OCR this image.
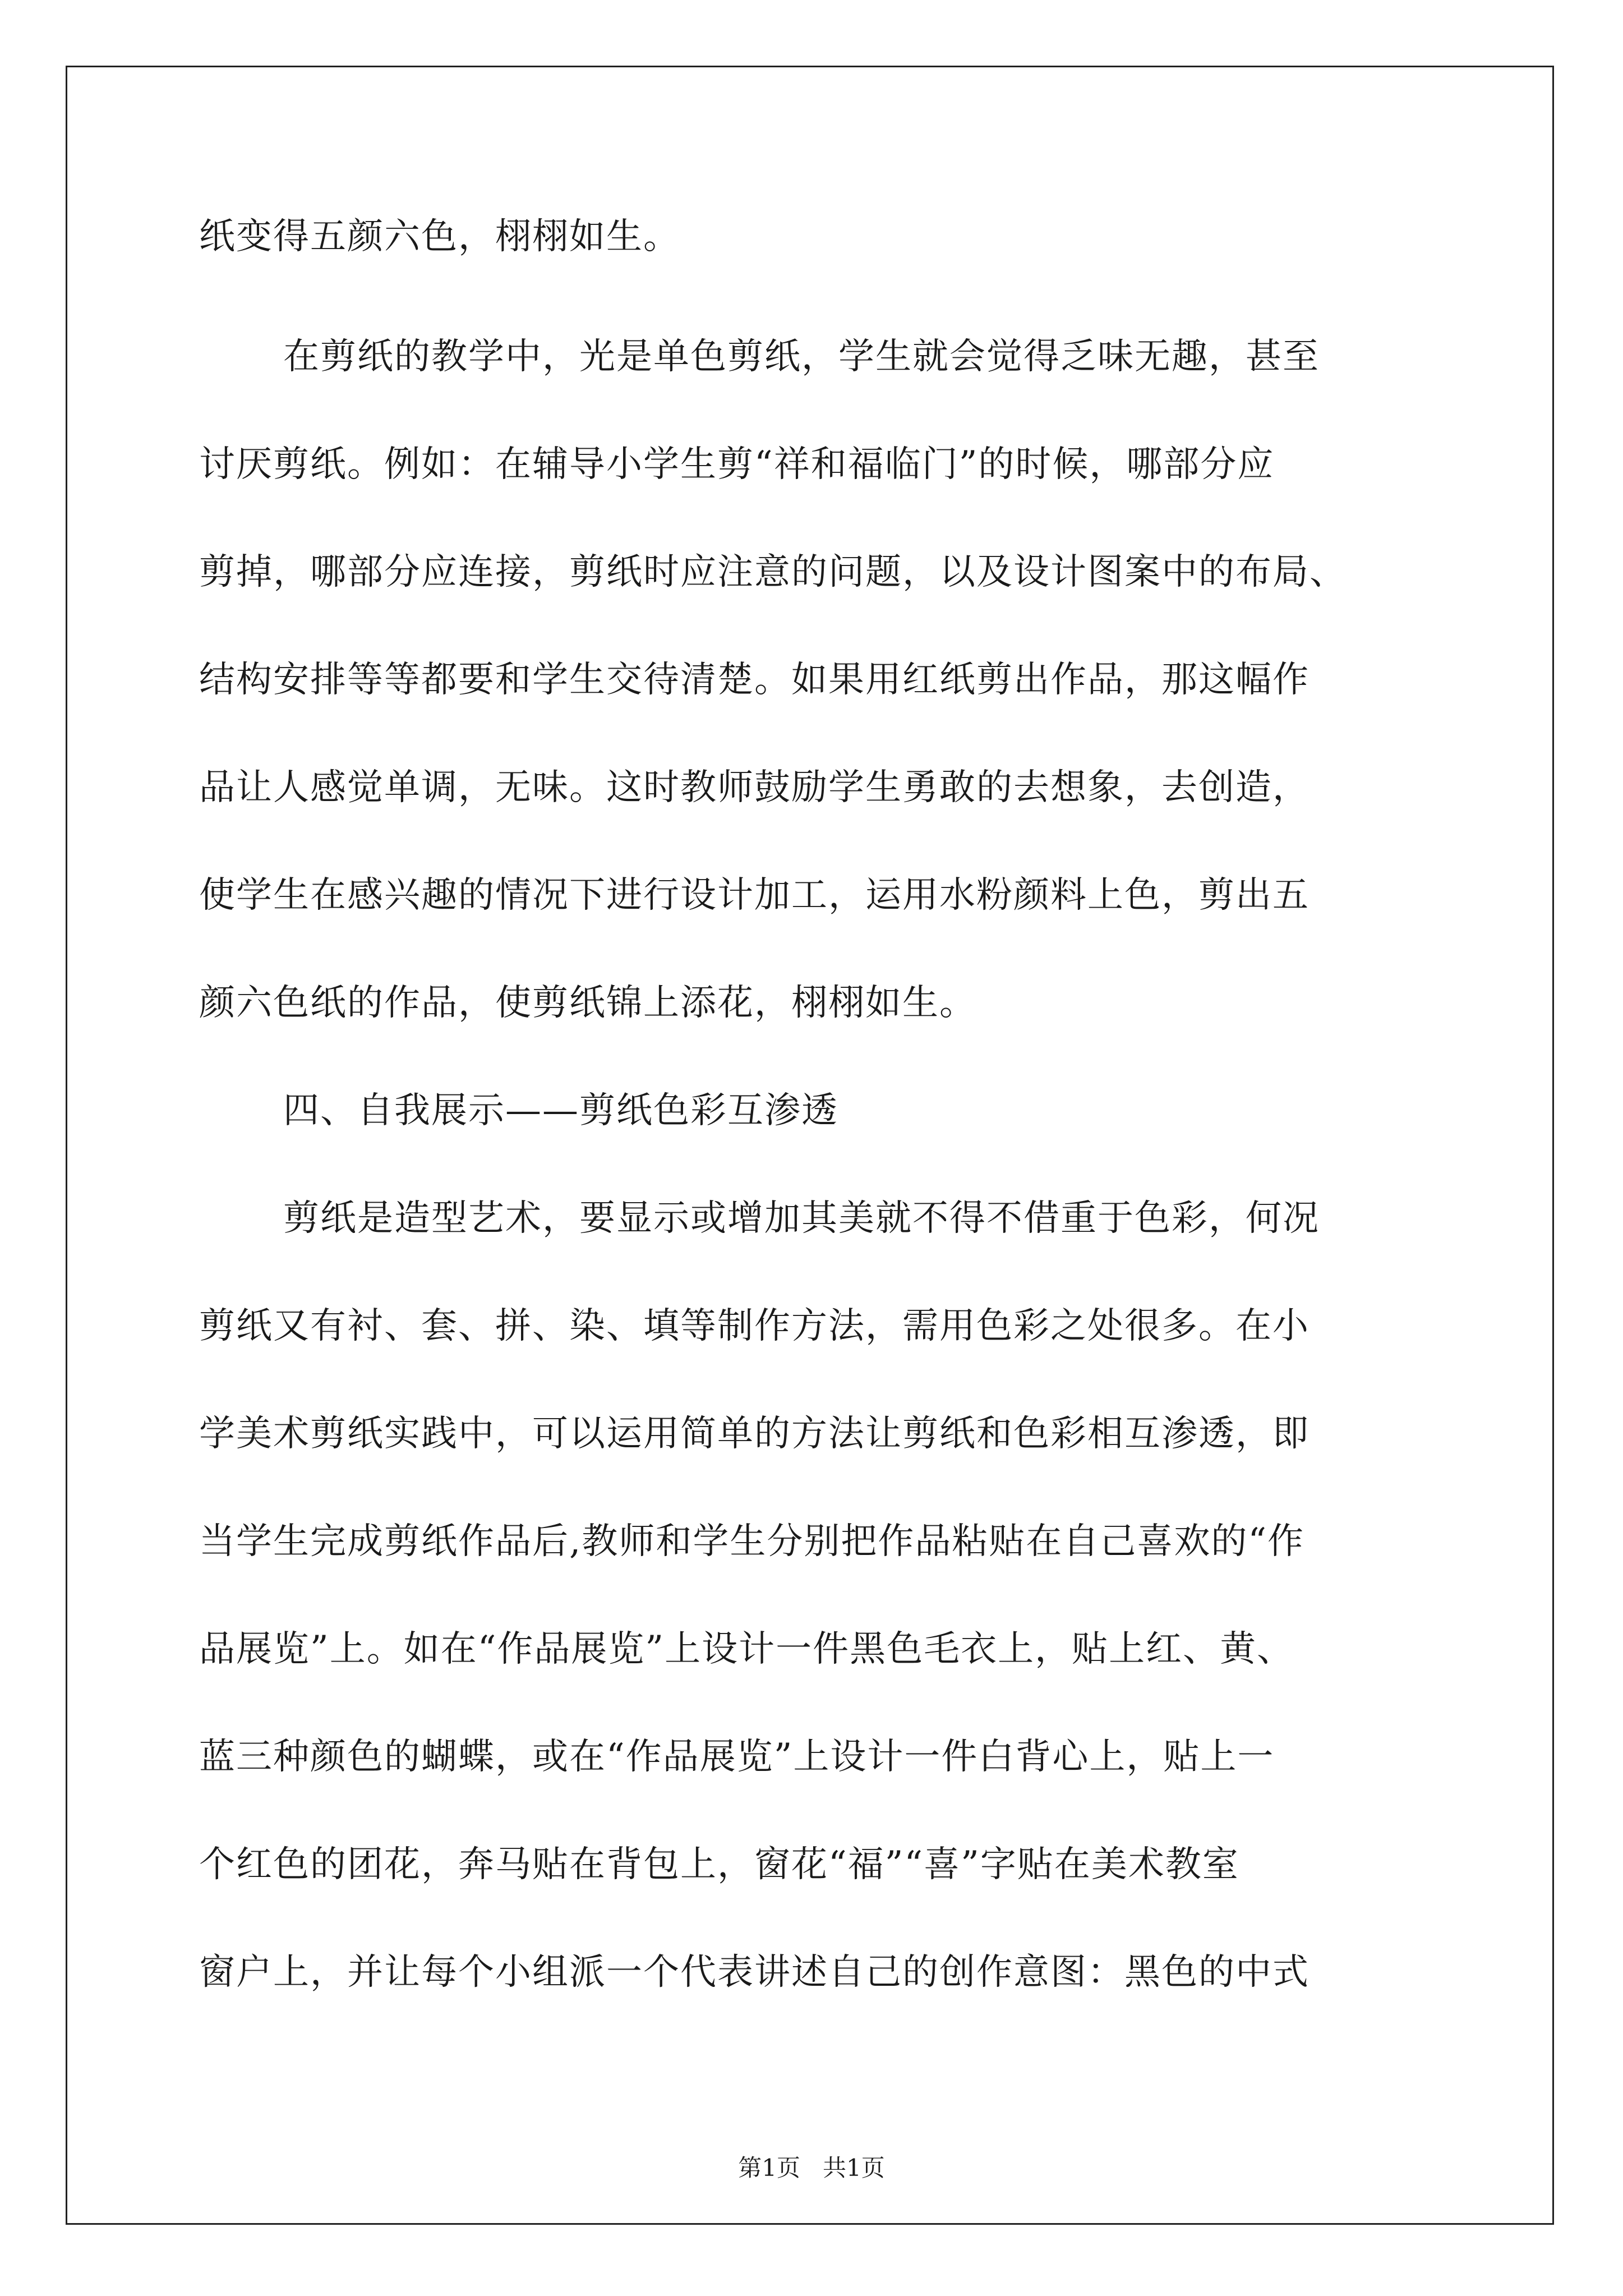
纸变得五颜六色，栩栩如生。
在剪纸的教学中，光是单色剪纸，学生就会觉得乏味无趣，甚至
讨厌剪纸。例如：在辅导小学生剪“祥和福临门”的时候，哪部分应
剪掉，哪部分应连接，剪纸时应注意的问题，以及设计图案中的布局、
结构安排等等都要和学生交待清楚。如果用红纸剪出作品，那这幅作
品让人感觉单调，无味。这时教师鼓励学生勇敢的去想象，去创造，
使学生在感兴趣的情况下进行设计加工，运用水粉颜料上色，剪出五
颜六色纸的作品，使剪纸锦上添花，栩栩如生。
四、自我展示——剪纸色彩互渗透
剪纸是造型艺术，要显示或增加其美就不得不借重于色彩，何况
剪纸又有衬、套、拼、染、填等制作方法，需用色彩之处很多。在小
学美术剪纸实践中，可以运用简单的方法让剪纸和色彩相互渗透，即
当学生完成剪纸作品后,教师和学生分别把作品粘贴在自己喜欢的“作
品展览”上。如在“作品展览”上设计一件黑色毛衣上，贴上红、黄、
蓝三种颜色的蝴蝶，或在“作品展览”上设计一件白背心上，贴上一
个红色的团花，奔马贴在背包上，窗花“福”“喜”字贴在美术教室
窗户上，并让每个小组派一个代表讲述自己的创作意图：黑色的中式
第1页   共1页
